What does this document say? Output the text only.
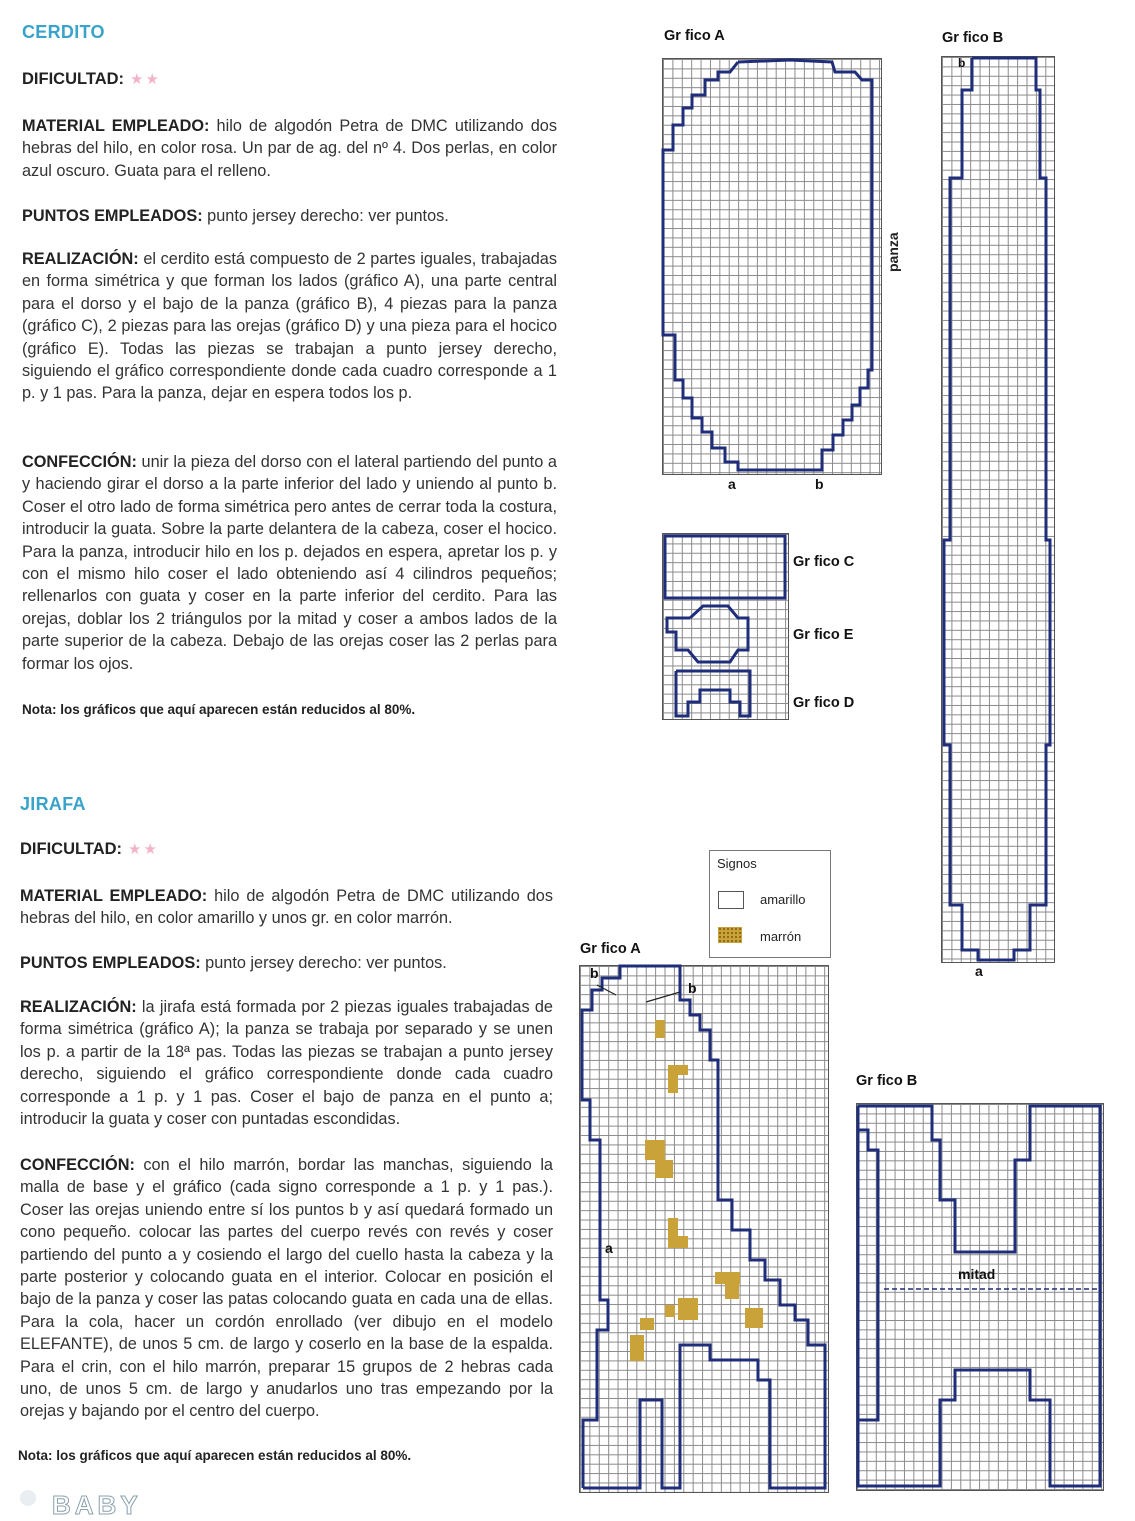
CERDITO
DIFICULTAD: ★★
MATERIAL EMPLEADO: hilo de algodón Petra de DMC utilizando dos hebras del hilo, en color rosa. Un par de ag. del nº 4. Dos perlas, en color azul oscuro. Guata para el relleno.
PUNTOS EMPLEADOS: punto jersey derecho: ver puntos.
REALIZACIÓN: el cerdito está compuesto de 2 partes iguales, trabajadas en forma simétrica y que forman los lados (gráfico A), una parte central para el dorso y el bajo de la panza (gráfico B), 4 piezas para la panza (gráfico C), 2 piezas para las orejas (gráfico D) y una pieza para el hocico (gráfico E). Todas las piezas se trabajan a punto jersey derecho, siguiendo el gráfico correspondiente donde cada cuadro corresponde a 1 p. y 1 pas. Para la panza, dejar en espera todos los p.
CONFECCIÓN: unir la pieza del dorso con el lateral partiendo del punto a y haciendo girar el dorso a la parte inferior del lado y uniendo al punto b. Coser el otro lado de forma simétrica pero antes de cerrar toda la costura, introducir la guata. Sobre la parte delantera de la cabeza, coser el hocico. Para la panza, introducir hilo en los p. dejados en espera, apretar los p. y con el mismo hilo coser el lado obteniendo así 4 cilindros pequeños; rellenarlos con guata y coser en la parte inferior del cerdito. Para las orejas, doblar los 2 triángulos por la mitad y coser a ambos lados de la parte superior de la cabeza. Debajo de las orejas coser las 2 perlas para formar los ojos.
Nota: los gráficos que aquí aparecen están reducidos al 80%.
JIRAFA
DIFICULTAD: ★★
MATERIAL EMPLEADO: hilo de algodón Petra de DMC utilizando dos hebras del hilo, en color amarillo y unos gr. en color marrón.
PUNTOS EMPLEADOS: punto jersey derecho: ver puntos.
REALIZACIÓN: la jirafa está formada por 2 piezas iguales trabajadas de forma simétrica (gráfico A); la panza se trabaja por separado y se unen los p. a partir de la 18ª pas. Todas las piezas se trabajan a punto jersey derecho, siguiendo el gráfico correspondiente donde cada cuadro corresponde a 1 p. y 1 pas. Coser el bajo de panza en el punto a; introducir la guata y coser con puntadas escondidas.
CONFECCIÓN: con el hilo marrón, bordar las manchas, siguiendo la malla de base y el gráfico (cada signo corresponde a 1 p. y 1 pas.). Coser las orejas uniendo entre sí los puntos b y así quedará formado un cono pequeño. colocar las partes del cuerpo revés con revés y coser partiendo del punto a y cosiendo el largo del cuello hasta la cabeza y la parte posterior y colocando guata en el interior. Colocar en posición el bajo de la panza y coser las patas colocando guata en cada una de ellas. Para la cola, hacer un cordón enrollado (ver dibujo en el modelo ELEFANTE), de unos 5 cm. de largo y coserlo en la base de la espalda. Para el crin, con el hilo marrón, preparar 15 grupos de 2 hebras cada uno, de unos 5 cm. de largo y anudarlos uno tras empezando por la orejas y bajando por el centro del cuerpo.
Nota: los gráficos que aquí aparecen están reducidos al 80%.
BABY
Gr fico A
panza
a	b
Gr fico B
b
a
Gr fico C
Gr fico E
Gr fico D
Signos
amarillo
marrón
Gr fico A
b
b
a
Gr fico B
mitad
